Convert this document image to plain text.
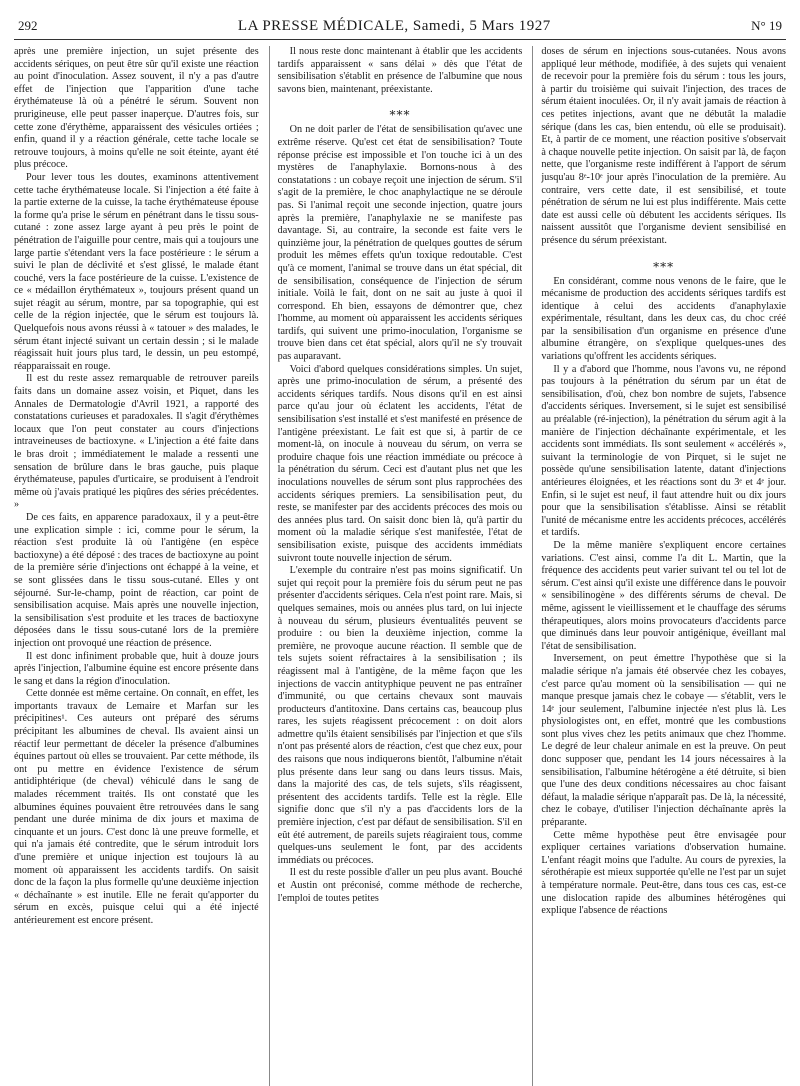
292	LA PRESSE MÉDICALE, Samedi, 5 Mars 1927	N° 19

après une première injection, un sujet présente des accidents sériques, on peut être sûr qu'il existe une réaction au point d'inoculation. Assez souvent, il n'y a pas d'autre effet de l'injection que l'apparition d'une tache érythémateuse là où a pénétré le sérum. Souvent non prurigineuse, elle peut passer inaperçue. D'autres fois, sur cette zone d'érythème, apparaissent des vésicules ortiées ; enfin, quand il y a réaction générale, cette tache locale se retrouve toujours, à moins qu'elle ne soit éteinte, ayant été plus précoce.

Pour lever tous les doutes, examinons attentivement cette tache érythémateuse locale. Si l'injection a été faite à la partie externe de la cuisse, la tache érythémateuse épouse la forme qu'a prise le sérum en pénétrant dans le tissu sous-cutané : zone assez large ayant à peu près le point de pénétration de l'aiguille pour centre, mais qui a toujours une large partie s'étendant vers la face postérieure : le sérum a suivi le plan de déclivité et s'est glissé, le malade étant couché, vers la face postérieure de la cuisse. L'existence de ce « médaillon érythémateux », toujours présent quand un sujet réagit au sérum, montre, par sa topographie, qui est celle de la région injectée, que le sérum est toujours là. Quelquefois nous avons réussi à « tatouer » des malades, le sérum étant injecté suivant un certain dessin ; si le malade réagissait huit jours plus tard, le dessin, un peu estompé, réapparaissait en rouge.

Il est du reste assez remarquable de retrouver pareils faits dans un domaine assez voisin, et Piquet, dans les Annales de Dermatologie d'Avril 1921, a rapporté des constatations curieuses et paradoxales. Il s'agit d'érythèmes locaux que l'on peut constater au cours d'injections intraveineuses de bactioxyne. « L'injection a été faite dans le bras droit ; immédiatement le malade a ressenti une sensation de brûlure dans le bras gauche, puis plaque érythémateuse, papules d'urticaire, se produisent à l'endroit même où j'avais pratiqué les piqûres des séries précédentes. »

De ces faits, en apparence paradoxaux, il y a peut-être une explication simple : ici, comme pour le sérum, la réaction s'est produite là où l'antigène (en espèce bactioxyne) a été déposé : des traces de bactioxyne au point de la première série d'injections ont échappé à la veine, et se sont glissées dans le tissu sous-cutané. Elles y ont séjourné. Sur-le-champ, point de réaction, car point de sensibilisation acquise. Mais après une nouvelle injection, la sensibilisation s'est produite et les traces de bactioxyne déposées dans le tissu sous-cutané lors de la première injection ont provoqué une réaction de présence.

Il est donc infiniment probable que, huit à douze jours après l'injection, l'albumine équine est encore présente dans le sang et dans la région d'inoculation.

Cette donnée est même certaine. On connaît, en effet, les importants travaux de Lemaire et Marfan sur les précipitines¹. Ces auteurs ont préparé des sérums précipitant les albumines de cheval. Ils avaient ainsi un réactif leur permettant de déceler la présence d'albumines équines partout où elles se trouvaient. Par cette méthode, ils ont pu mettre en évidence l'existence de sérum antidiphtérique (de cheval) véhiculé dans le sang de malades récemment traités. Ils ont constaté que les albumines équines pouvaient être retrouvées dans le sang pendant une durée minima de dix jours et maxima de cinquante et un jours. C'est donc là une preuve formelle, et qui n'a jamais été contredite, que le sérum introduit lors d'une première et unique injection est toujours là au moment où apparaissent les accidents tardifs. On saisit donc de la façon la plus formelle qu'une deuxième injection « déchaînante » est inutile. Elle ne ferait qu'apporter du sérum en excès, puisque celui qui a été injecté antérieurement est encore présent.

Il nous reste donc maintenant à établir que les accidents tardifs apparaissent « sans délai » dès que l'état de sensibilisation s'établit en présence de l'albumine que nous savons bien, maintenant, préexistante.

⁎⁎⁎

On ne doit parler de l'état de sensibilisation qu'avec une extrême réserve. Qu'est cet état de sensibilisation? Toute réponse précise est impossible et l'on touche ici à un des mystères de l'anaphylaxie. Bornons-nous à des constatations : un cobaye reçoit une injection de sérum. S'il s'agit de la première, le choc anaphylactique ne se déroule pas. Si l'animal reçoit une seconde injection, quatre jours après la première, l'anaphylaxie ne se manifeste pas davantage. Si, au contraire, la seconde est faite vers le quinzième jour, la pénétration de quelques gouttes de sérum produit les mêmes effets qu'un toxique redoutable. C'est qu'à ce moment, l'animal se trouve dans un état spécial, dit de sensibilisation, conséquence de l'injection de sérum initiale. Voilà le fait, dont on ne sait au juste à quoi il correspond. Eh bien, essayons de démontrer que, chez l'homme, au moment où apparaissent les accidents sériques tardifs, qui suivent une primo-inoculation, l'organisme se trouve bien dans cet état spécial, alors qu'il ne s'y trouvait pas auparavant.

Voici d'abord quelques considérations simples. Un sujet, après une primo-inoculation de sérum, a présenté des accidents sériques tardifs. Nous disons qu'il en est ainsi parce qu'au jour où éclatent les accidents, l'état de sensibilisation s'est installé et s'est manifesté en présence de l'antigène préexistant. Le fait est que si, à partir de ce moment-là, on inocule à nouveau du sérum, on verra se produire chaque fois une réaction immédiate ou précoce à la pénétration du sérum. Ceci est d'autant plus net que les inoculations nouvelles de sérum sont plus rapprochées des accidents sériques premiers. La sensibilisation peut, du reste, se manifester par des accidents précoces des mois ou des années plus tard. On saisit donc bien là, qu'à partir du moment où la maladie sérique s'est manifestée, l'état de sensibilisation existe, puisque des accidents immédiats suivront toute nouvelle injection de sérum.

L'exemple du contraire n'est pas moins significatif. Un sujet qui reçoit pour la première fois du sérum peut ne pas présenter d'accidents sériques. Cela n'est point rare. Mais, si quelques semaines, mois ou années plus tard, on lui injecte à nouveau du sérum, plusieurs éventualités peuvent se produire : ou bien la deuxième injection, comme la première, ne provoque aucune réaction. Il semble que de tels sujets soient réfractaires à la sensibilisation ; ils réagissent mal à l'antigène, de la même façon que les injections de vaccin antityphique peuvent ne pas entraîner d'immunité, ou que certains chevaux sont mauvais producteurs d'antitoxine. Dans certains cas, beaucoup plus rares, les sujets réagissent précocement : on doit alors admettre qu'ils étaient sensibilisés par l'injection et que s'ils n'ont pas présenté alors de réaction, c'est que chez eux, pour des raisons que nous indiquerons bientôt, l'albumine n'était plus présente dans leur sang ou dans leurs tissus. Mais, dans la majorité des cas, de tels sujets, s'ils réagissent, présentent des accidents tardifs. Telle est la règle. Elle signifie donc que s'il n'y a pas d'accidents lors de la première injection, c'est par défaut de sensibilisation. S'il en eût été autrement, de pareils sujets réagiraient tous, comme quelques-uns seulement le font, par des accidents immédiats ou précoces.

Il est du reste possible d'aller un peu plus avant. Bouché et Austin ont préconisé, comme méthode de recherche, l'emploi de toutes petites

doses de sérum en injections sous-cutanées. Nous avons appliqué leur méthode, modifiée, à des sujets qui venaient de recevoir pour la première fois du sérum : tous les jours, à partir du troisième qui suivait l'injection, des traces de sérum étaient inoculées. Or, il n'y avait jamais de réaction à ces petites injections, avant que ne débutât la maladie sérique (dans les cas, bien entendu, où elle se produisait). Et, à partir de ce moment, une réaction positive s'observait à chaque nouvelle petite injection. On saisit par là, de façon nette, que l'organisme reste indifférent à l'apport de sérum jusqu'au 8ᵉ-10ᵉ jour après l'inoculation de la première. Au contraire, vers cette date, il est sensibilisé, et toute pénétration de sérum ne lui est plus indifférente. Mais cette date est aussi celle où débutent les accidents sériques. Ils naissent aussitôt que l'organisme devient sensibilisé en présence du sérum préexistant.

⁎⁎⁎

En considérant, comme nous venons de le faire, que le mécanisme de production des accidents sériques tardifs est identique à celui des accidents d'anaphylaxie expérimentale, résultant, dans les deux cas, du choc créé par la sensibilisation d'un organisme en présence d'une albumine étrangère, on s'explique quelques-unes des variations qu'offrent les accidents sériques.

Il y a d'abord que l'homme, nous l'avons vu, ne répond pas toujours à la pénétration du sérum par un état de sensibilisation, d'où, chez bon nombre de sujets, l'absence d'accidents sériques. Inversement, si le sujet est sensibilisé au préalable (ré-injection), la pénétration du sérum agit à la manière de l'injection déchaînante expérimentale, et les accidents sont immédiats. Ils sont seulement « accélérés », suivant la terminologie de von Pirquet, si le sujet ne possède qu'une sensibilisation latente, datant d'injections antérieures éloignées, et les réactions sont du 3ᵉ et 4ᵉ jour. Enfin, si le sujet est neuf, il faut attendre huit ou dix jours pour que la sensibilisation s'établisse. Ainsi se rétablit l'unité de mécanisme entre les accidents précoces, accélérés et tardifs.

De la même manière s'expliquent encore certaines variations. C'est ainsi, comme l'a dit L. Martin, que la fréquence des accidents peut varier suivant tel ou tel lot de sérum. C'est ainsi qu'il existe une différence dans le pouvoir « sensibilinogène » des différents sérums de cheval. De même, agissent le vieillissement et le chauffage des sérums thérapeutiques, alors moins provocateurs d'accidents parce que diminués dans leur pouvoir antigénique, éveillant mal l'état de sensibilisation.

Inversement, on peut émettre l'hypothèse que si la maladie sérique n'a jamais été observée chez les cobayes, c'est parce qu'au moment où la sensibilisation — qui ne manque presque jamais chez le cobaye — s'établit, vers le 14ᵉ jour seulement, l'albumine injectée n'est plus là. Les physiologistes ont, en effet, montré que les combustions sont plus vives chez les petits animaux que chez l'homme. Le degré de leur chaleur animale en est la preuve. On peut donc supposer que, pendant les 14 jours nécessaires à la sensibilisation, l'albumine hétérogène a été détruite, si bien que l'une des deux conditions nécessaires au choc faisant défaut, la maladie sérique n'apparaît pas. De là, la nécessité, chez le cobaye, d'utiliser l'injection déchaînante après la préparante.

Cette même hypothèse peut être envisagée pour expliquer certaines variations d'observation humaine. L'enfant réagit moins que l'adulte. Au cours de pyrexies, la sérothérapie est mieux supportée qu'elle ne l'est par un sujet à température normale. Peut-être, dans tous ces cas, est-ce une dislocation rapide des albumines hétérogènes qui explique l'absence de réactions
